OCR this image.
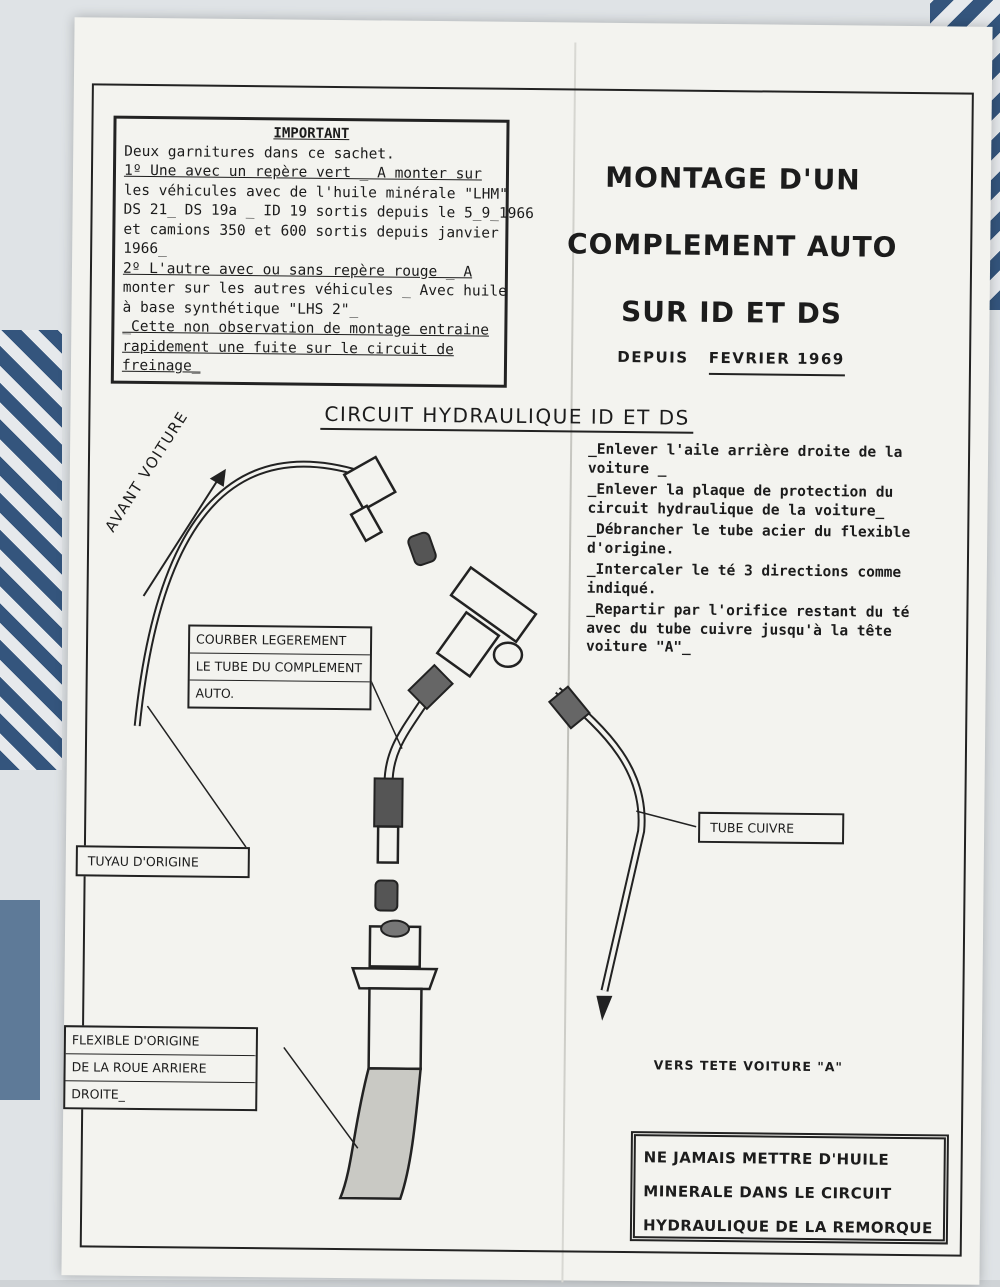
IMPORTANT
Deux garnitures dans ce sachet.
1º Une avec un repère vert _ A monter sur
les véhicules avec de l'huile minérale "LHM"
DS 21_ DS 19a _ ID 19 sortis depuis le 5_9_1966
et camions 350 et 600 sortis depuis janvier
1966_
2º L'autre avec ou sans repère rouge _ A
monter sur les autres véhicules _ Avec huile
à base synthétique "LHS 2"_
_Cette non observation de montage entraine
rapidement une fuite sur le circuit de
freinage_
MONTAGE D'UN
COMPLEMENT AUTO
SUR ID ET DS
DEPUIS FEVRIER 1969
CIRCUIT HYDRAULIQUE ID ET DS
_Enlever l'aile arrière droite de la voiture _
_Enlever la plaque de protection du circuit hydraulique de la voiture_
_Débrancher le tube acier du flexible d'origine.
_Intercaler le té 3 directions comme indiqué.
_Repartir par l'orifice restant du té avec du tube cuivre jusqu'à la tête voiture "A"_
AVANT VOITURE
COURBER LEGEREMENT
LE TUBE DU COMPLEMENT
AUTO.
TUBE CUIVRE
TUYAU D'ORIGINE
FLEXIBLE D'ORIGINE
DE LA ROUE ARRIERE
DROITE_
VERS TETE VOITURE "A"
NE JAMAIS METTRE D'HUILE
MINERALE DANS LE CIRCUIT
HYDRAULIQUE DE LA REMORQUE
